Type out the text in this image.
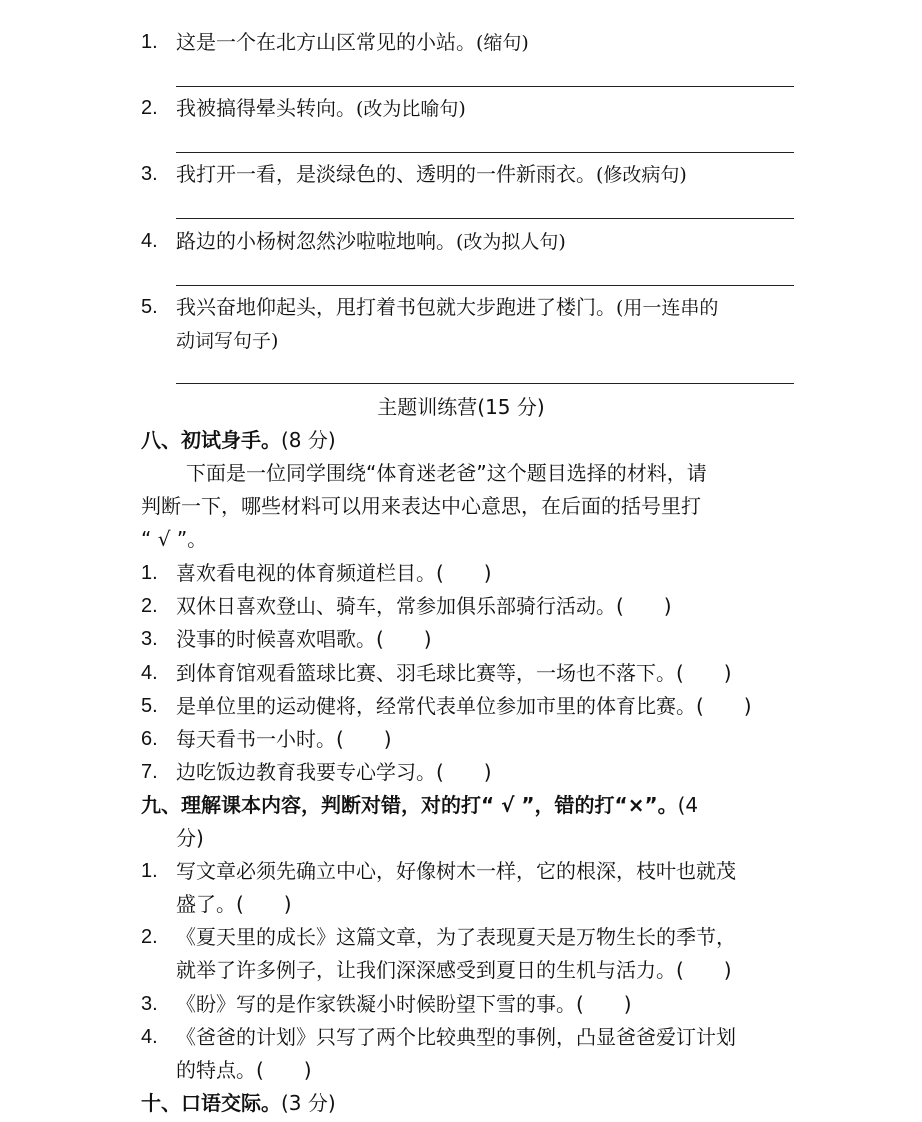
1. 这是一个在北方山区常见的小站。(缩句)
2. 我被搞得晕头转向。(改为比喻句)
3. 我打开一看，是淡绿色的、透明的一件新雨衣。(修改病句)
4. 路边的小杨树忽然沙啦啦地响。(改为拟人句)
5. 我兴奋地仰起头，甩打着书包就大步跑进了楼门。(用一连串的
动词写句子)
主题训练营(15 分)
八、初试身手。(8 分)
下面是一位同学围绕“体育迷老爸”这个题目选择的材料，请
判断一下，哪些材料可以用来表达中心意思，在后面的括号里打
“ √ ”。
1. 喜欢看电视的体育频道栏目。(　　)
2. 双休日喜欢登山、骑车，常参加俱乐部骑行活动。(　　)
3. 没事的时候喜欢唱歌。(　　)
4. 到体育馆观看篮球比赛、羽毛球比赛等，一场也不落下。(　　)
5. 是单位里的运动健将，经常代表单位参加市里的体育比赛。(　　)
6. 每天看书一小时。(　　)
7. 边吃饭边教育我要专心学习。(　　)
九、理解课本内容，判断对错，对的打“ √ ”，错的打“×”。(4
分)
1. 写文章必须先确立中心，好像树木一样，它的根深，枝叶也就茂
盛了。(　　)
2. 《夏天里的成长》这篇文章，为了表现夏天是万物生长的季节，
就举了许多例子，让我们深深感受到夏日的生机与活力。(　　)
3. 《盼》写的是作家铁凝小时候盼望下雪的事。(　　)
4. 《爸爸的计划》只写了两个比较典型的事例，凸显爸爸爱订计划
的特点。(　　)
十、口语交际。(3 分)
